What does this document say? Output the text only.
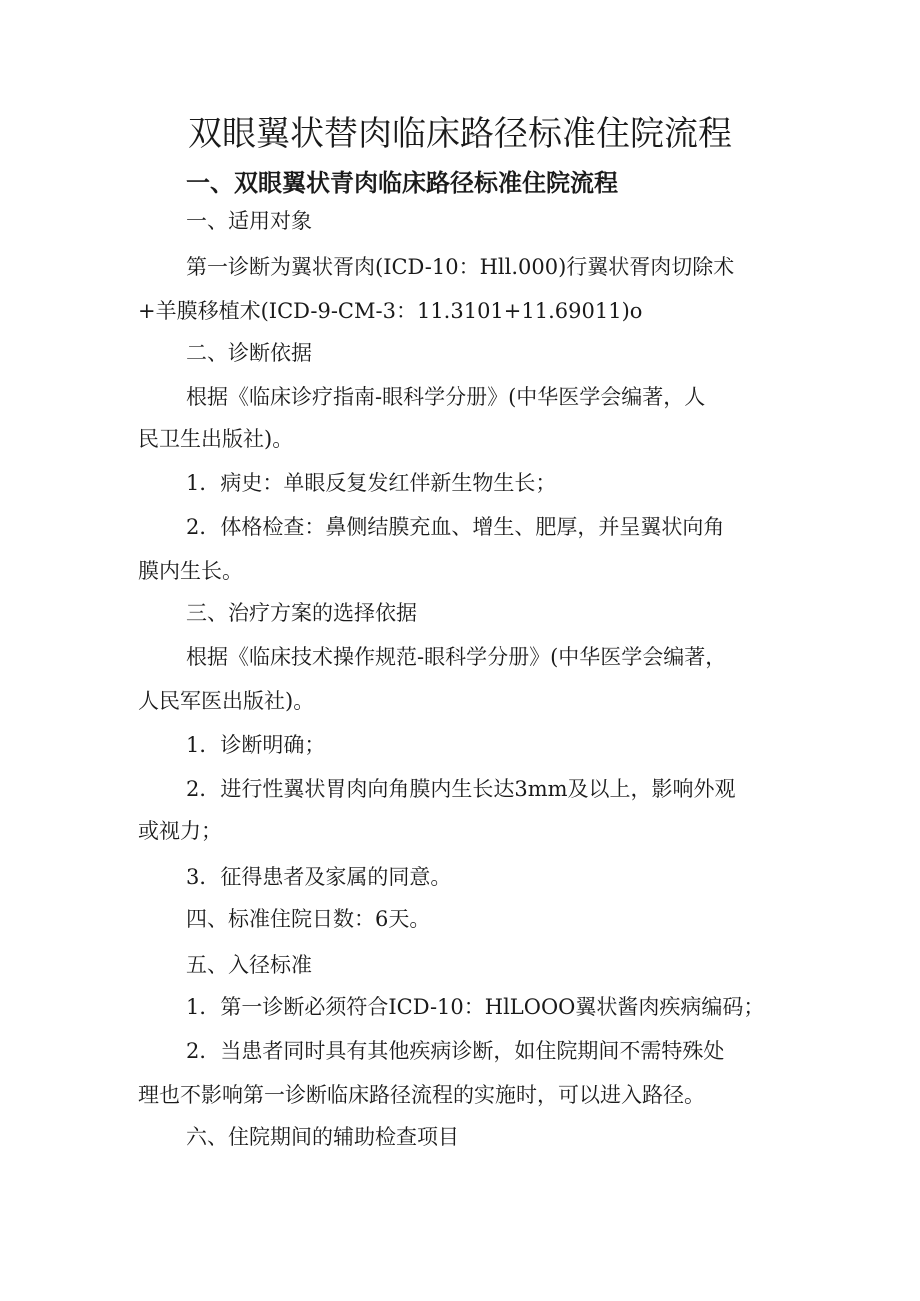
双眼翼状替肉临床路径标准住院流程
一、双眼翼状青肉临床路径标准住院流程

一、适用对象

第一诊断为翼状胥肉(ICD-10：Hll.000)行翼状胥肉切除术

+羊膜移植术(ICD-9-CM-3：11.3101+11.69011)o

二、诊断依据

根据《临床诊疗指南-眼科学分册》(中华医学会编著，人

民卫生出版社)。

1．病史：单眼反复发红伴新生物生长；

2．体格检查：鼻侧结膜充血、增生、肥厚，并呈翼状向角

膜内生长。

三、治疗方案的选择依据

根据《临床技术操作规范-眼科学分册》(中华医学会编著，

人民军医出版社)。

1．诊断明确；

2．进行性翼状胃肉向角膜内生长达3mm及以上，影响外观

或视力；

3．征得患者及家属的同意。

四、标准住院日数：6天。

五、入径标准

1．第一诊断必须符合ICD-10：HlLOOO翼状酱肉疾病编码；

2．当患者同时具有其他疾病诊断，如住院期间不需特殊处

理也不影响第一诊断临床路径流程的实施时，可以进入路径。

六、住院期间的辅助检查项目
